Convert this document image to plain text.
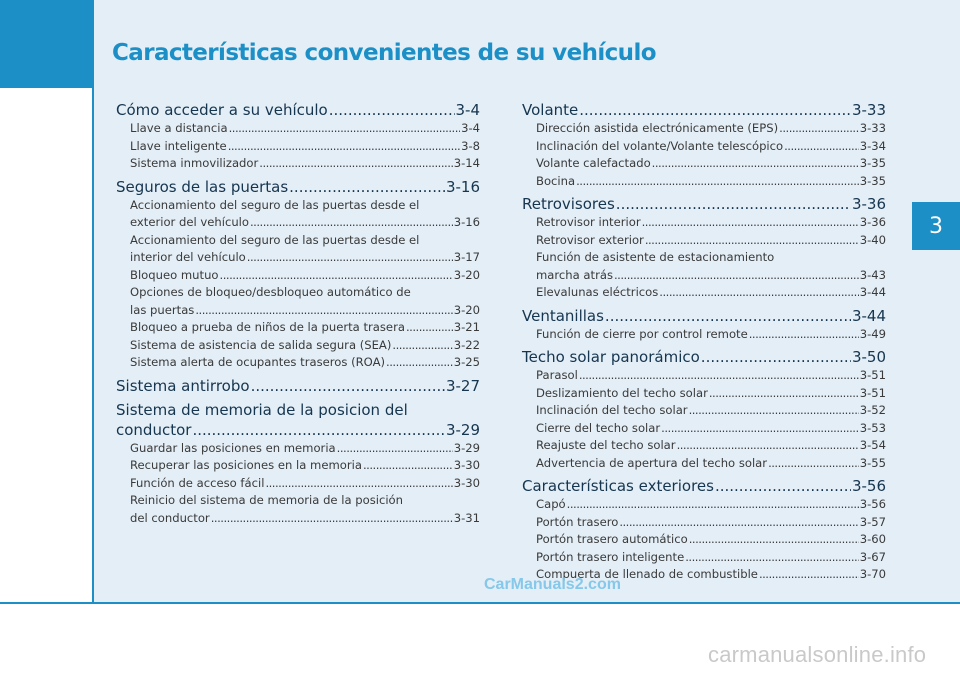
Características convenientes de su vehículo
Cómo acceder a su vehículo .....	3-4
Llave a distancia .....	3-4
Llave inteligente .....	3-8
Sistema inmovilizador .....	3-14
Seguros de las puertas .....	3-16
Accionamiento del seguro de las puertas desde el
exterior del vehículo .....	3-16
Accionamiento del seguro de las puertas desde el
interior del vehículo .....	3-17
Bloqueo mutuo .....	3-20
Opciones de bloqueo/desbloqueo automático de
las puertas .....	3-20
Bloqueo a prueba de niños de la puerta trasera .....	3-21
Sistema de asistencia de salida segura (SEA) .....	3-22
Sistema alerta de ocupantes traseros (ROA) .....	3-25
Sistema antirrobo .....	3-27
Sistema de memoria de la posicion del
conductor .....	3-29
Guardar las posiciones en memoria .....	3-29
Recuperar las posiciones en la memoria .....	3-30
Función de acceso fácil .....	3-30
Reinicio del sistema de memoria de la posición
del conductor .....	3-31
Volante .....	3-33
Dirección asistida electrónicamente (EPS) .....	3-33
Inclinación del volante/Volante telescópico .....	3-34
Volante calefactado .....	3-35
Bocina .....	3-35
Retrovisores .....	3-36
Retrovisor interior .....	3-36
Retrovisor exterior .....	3-40
Función de asistente de estacionamiento
marcha atrás .....	3-43
Elevalunas eléctricos .....	3-44
Ventanillas .....	3-44
Función de cierre por control remote .....	3-49
Techo solar panorámico .....	3-50
Parasol .....	3-51
Deslizamiento del techo solar .....	3-51
Inclinación del techo solar .....	3-52
Cierre del techo solar .....	3-53
Reajuste del techo solar .....	3-54
Advertencia de apertura del techo solar .....	3-55
Características exteriores .....	3-56
Capó .....	3-56
Portón trasero .....	3-57
Portón trasero automático .....	3-60
Portón trasero inteligente .....	3-67
Compuerta de llenado de combustible .....	3-70
3
CarManuals2.com
carmanualsonline.info
